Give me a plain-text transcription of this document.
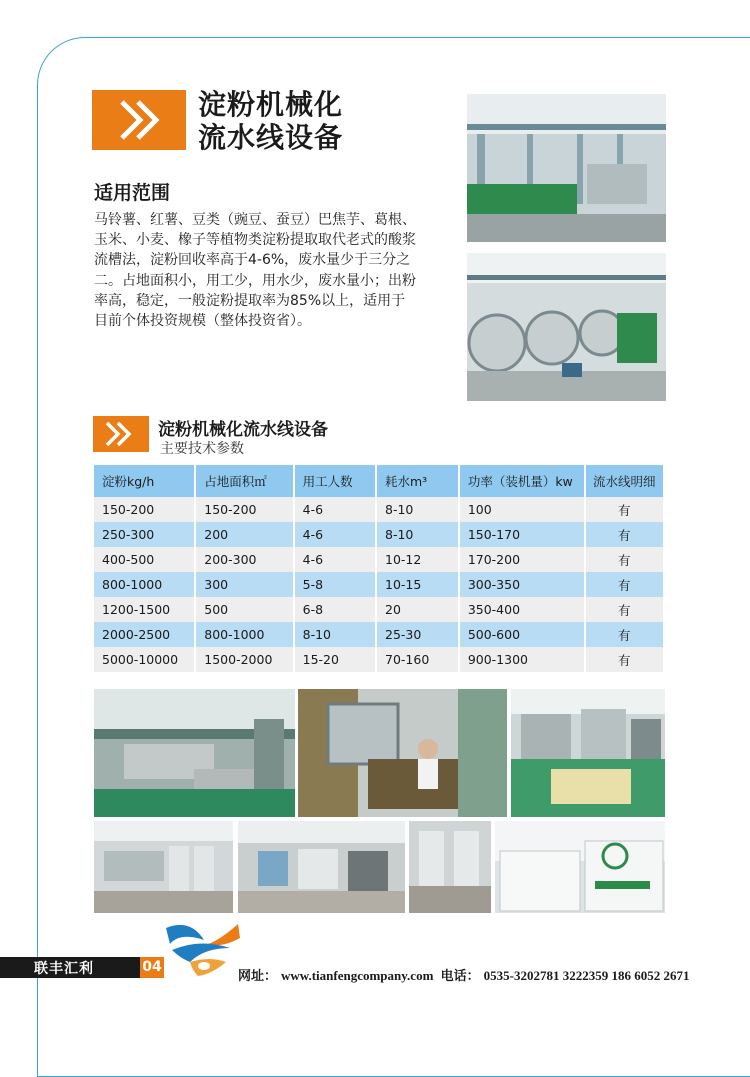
淀粉机械化
流水线设备
适用范围

马铃薯、红薯、豆类（豌豆、蚕豆）巴焦芋、葛根、玉米、小麦、橡子等植物类淀粉提取取代老式的酸浆流槽法，淀粉回收率高于4-6%，废水量少于三分之二。占地面积小，用工少，用水少，废水量小；出粉率高，稳定，一般淀粉提取率为85%以上，适用于目前个体投资规模（整体投资省）。

淀粉机械化流水线设备

主要技术参数

淀粉kg/h	占地面积㎡	用工人数	耗水m³	功率（装机量）kw	流水线明细
150-200	150-200	4-6	8-10	100	有
250-300	200	4-6	8-10	150-170	有
400-500	200-300	4-6	10-12	170-200	有
800-1000	300	5-8	10-15	300-350	有
1200-1500	500	6-8	20	350-400	有
2000-2500	800-1000	8-10	25-30	500-600	有
5000-10000	1500-2000	15-20	70-160	900-1300	有

联丰汇利	04

网址： www.tianfengcompany.com 电话： 0535-3202781 3222359 186 6052 2671
